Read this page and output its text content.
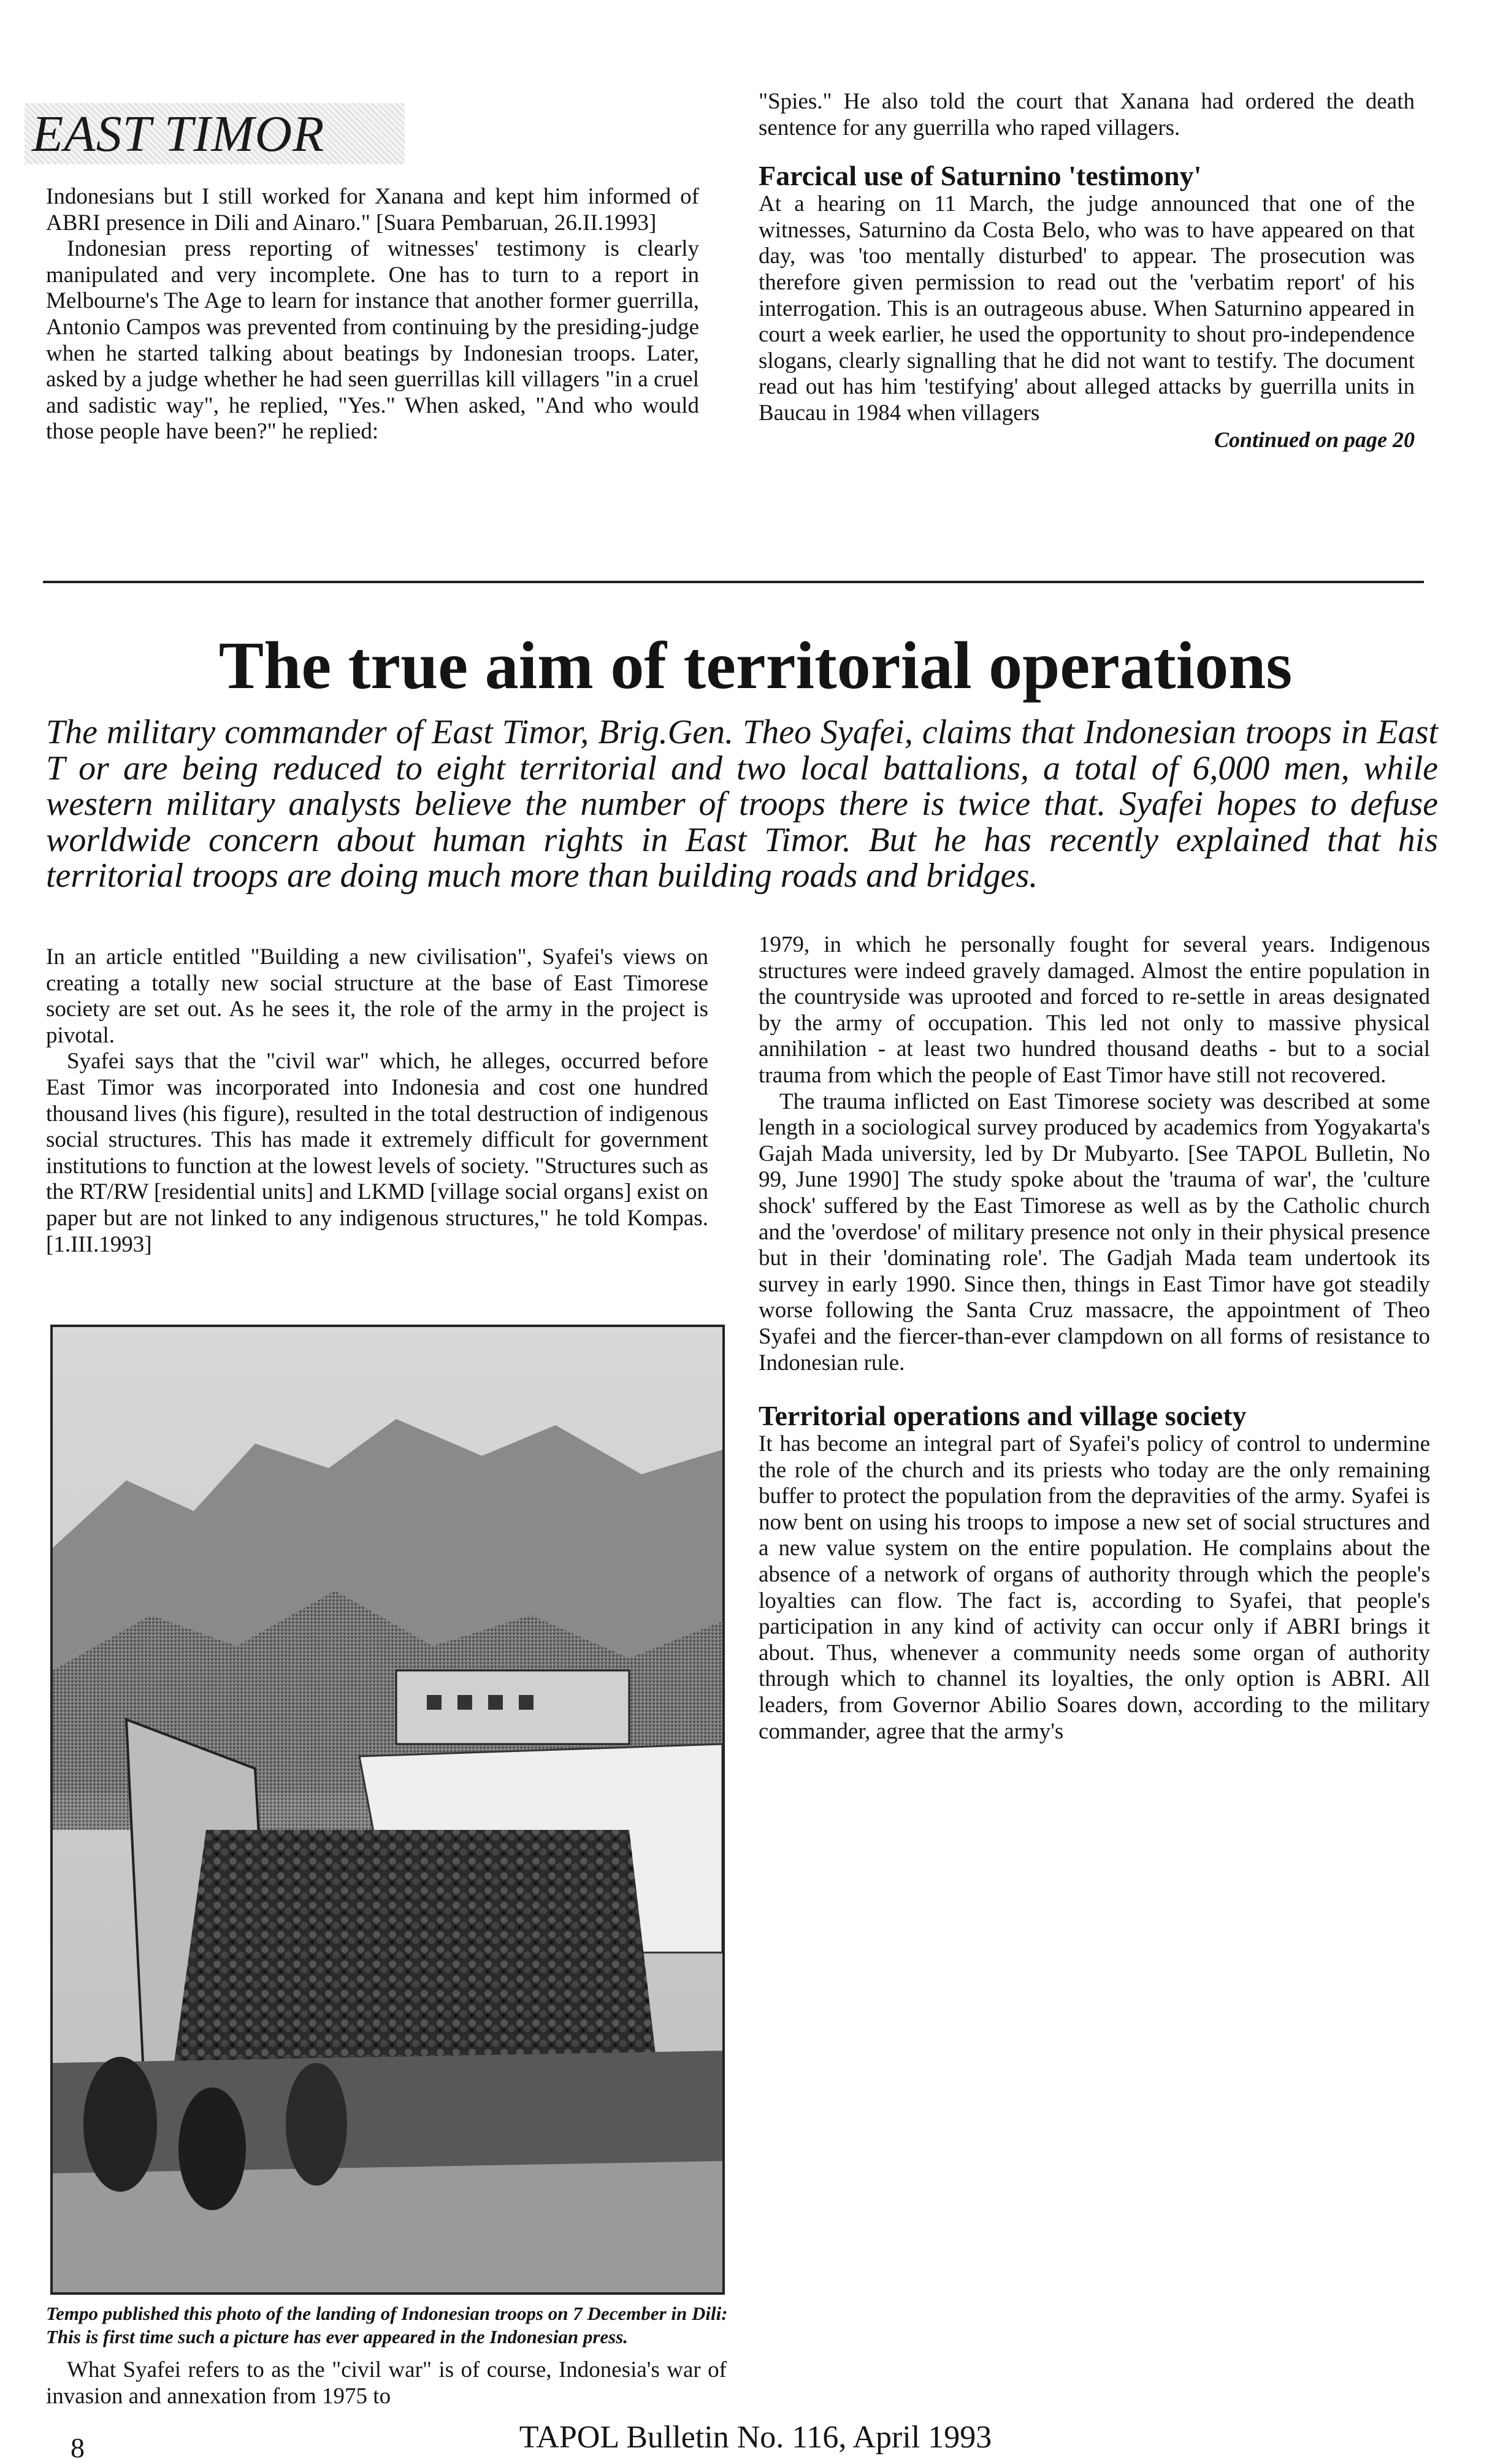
EAST TIMOR

Indonesians but I still worked for Xanana and kept him informed of ABRI presence in Dili and Ainaro." [Suara Pembaruan, 26.II.1993]

Indonesian press reporting of witnesses' testimony is clearly manipulated and very incomplete. One has to turn to a report in Melbourne's The Age to learn for instance that another former guerrilla, Antonio Campos was prevented from continuing by the presiding-judge when he started talking about beatings by Indonesian troops. Later, asked by a judge whether he had seen guerrillas kill villagers "in a cruel and sadistic way", he replied, "Yes." When asked, "And who would those people have been?" he replied:

"Spies." He also told the court that Xanana had ordered the death sentence for any guerrilla who raped villagers.

Farcical use of Saturnino 'testimony'

At a hearing on 11 March, the judge announced that one of the witnesses, Saturnino da Costa Belo, who was to have appeared on that day, was 'too mentally disturbed' to appear. The prosecution was therefore given permission to read out the 'verbatim report' of his interrogation. This is an outrageous abuse. When Saturnino appeared in court a week earlier, he used the opportunity to shout pro-independence slogans, clearly signalling that he did not want to testify. The document read out has him 'testifying' about alleged attacks by guerrilla units in Baucau in 1984 when villagers

Continued on page 20

The true aim of territorial operations

The military commander of East Timor, Brig.Gen. Theo Syafei, claims that Indonesian troops in East T or are being reduced to eight territorial and two local battalions, a total of 6,000 men, while western military analysts believe the number of troops there is twice that. Syafei hopes to defuse worldwide concern about human rights in East Timor. But he has recently explained that his territorial troops are doing much more than building roads and bridges.

In an article entitled "Building a new civilisation", Syafei's views on creating a totally new social structure at the base of East Timorese society are set out. As he sees it, the role of the army in the project is pivotal.

Syafei says that the "civil war" which, he alleges, occurred before East Timor was incorporated into Indonesia and cost one hundred thousand lives (his figure), resulted in the total destruction of indigenous social structures. This has made it extremely difficult for government institutions to function at the lowest levels of society. "Structures such as the RT/RW [residential units] and LKMD [village social organs] exist on paper but are not linked to any indigenous structures," he told Kompas. [1.III.1993]

Tempo published this photo of the landing of Indonesian troops on 7 December in Dili: This is first time such a picture has ever appeared in the Indonesian press.

What Syafei refers to as the "civil war" is of course, Indonesia's war of invasion and annexation from 1975 to

1979, in which he personally fought for several years. Indigenous structures were indeed gravely damaged. Almost the entire population in the countryside was uprooted and forced to re-settle in areas designated by the army of occupation. This led not only to massive physical annihilation - at least two hundred thousand deaths - but to a social trauma from which the people of East Timor have still not recovered.

The trauma inflicted on East Timorese society was described at some length in a sociological survey produced by academics from Yogyakarta's Gajah Mada university, led by Dr Mubyarto. [See TAPOL Bulletin, No 99, June 1990] The study spoke about the 'trauma of war', the 'culture shock' suffered by the East Timorese as well as by the Catholic church and the 'overdose' of military presence not only in their physical presence but in their 'dominating role'. The Gadjah Mada team undertook its survey in early 1990. Since then, things in East Timor have got steadily worse following the Santa Cruz massacre, the appointment of Theo Syafei and the fiercer-than-ever clampdown on all forms of resistance to Indonesian rule.

Territorial operations and village society

It has become an integral part of Syafei's policy of control to undermine the role of the church and its priests who today are the only remaining buffer to protect the population from the depravities of the army. Syafei is now bent on using his troops to impose a new set of social structures and a new value system on the entire population. He complains about the absence of a network of organs of authority through which the people's loyalties can flow. The fact is, according to Syafei, that people's participation in any kind of activity can occur only if ABRI brings it about. Thus, whenever a community needs some organ of authority through which to channel its loyalties, the only option is ABRI. All leaders, from Governor Abilio Soares down, according to the military commander, agree that the army's

8	TAPOL Bulletin No. 116, April 1993
